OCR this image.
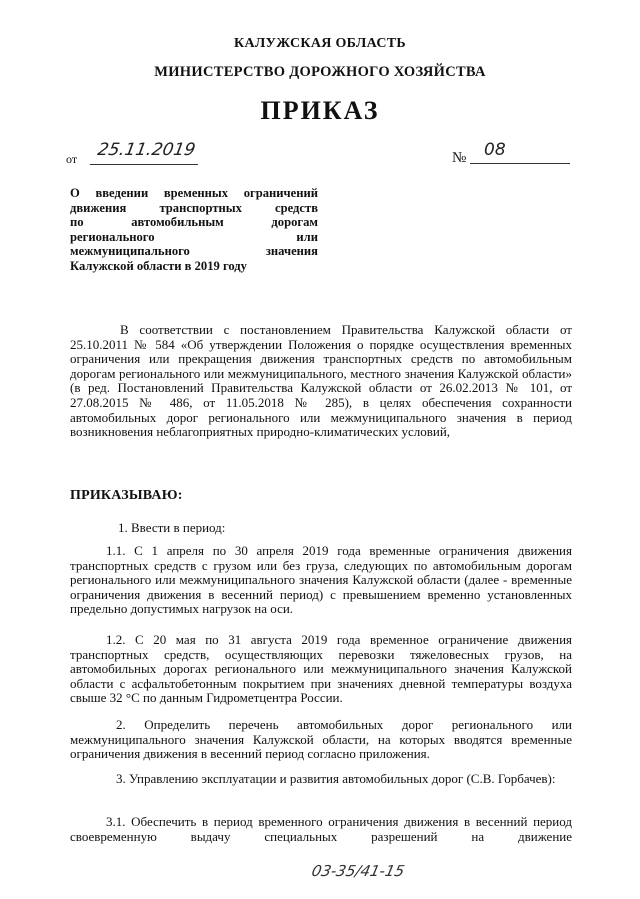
КАЛУЖСКАЯ ОБЛАСТЬ
МИНИСТЕРСТВО ДОРОЖНОГО ХОЗЯЙСТВА
ПРИКАЗ
от	25.11.2019	№	08
О введении временных ограничений
движения транспортных средств
по автомобильным дорогам
регионального или
межмуниципального значения
Калужской области в 2019 году
В соответствии с постановлением Правительства Калужской области от 25.10.2011 № 584 «Об утверждении Положения о порядке осуществления временных ограничения или прекращения движения транспортных средств по автомобильным дорогам регионального или межмуниципального, местного значения Калужской области» (в ред. Постановлений Правительства Калужской области от 26.02.2013 № 101, от 27.08.2015 № 486, от 11.05.2018 № 285), в целях обеспечения сохранности автомобильных дорог регионального или межмуниципального значения в период возникновения неблагоприятных природно-климатических условий,
ПРИКАЗЫВАЮ:
1. Ввести в период:
1.1. С 1 апреля по 30 апреля 2019 года временные ограничения движения транспортных средств с грузом или без груза, следующих по автомобильным дорогам регионального или межмуниципального значения Калужской области (далее - временные ограничения движения в весенний период) с превышением временно установленных предельно допустимых нагрузок на оси.
1.2. С 20 мая по 31 августа 2019 года временное ограничение движения транспортных средств, осуществляющих перевозки тяжеловесных грузов, на автомобильных дорогах регионального или межмуниципального значения Калужской области с асфальтобетонным покрытием при значениях дневной температуры воздуха свыше 32 °С по данным Гидрометцентра России.
2. Определить перечень автомобильных дорог регионального или межмуниципального значения Калужской области, на которых вводятся временные ограничения движения в весенний период согласно приложения.
3. Управлению эксплуатации и развития автомобильных дорог (С.В. Горбачев):
3.1. Обеспечить в период временного ограничения движения в весенний период своевременную выдачу специальных разрешений на движение
03-35/41-15
